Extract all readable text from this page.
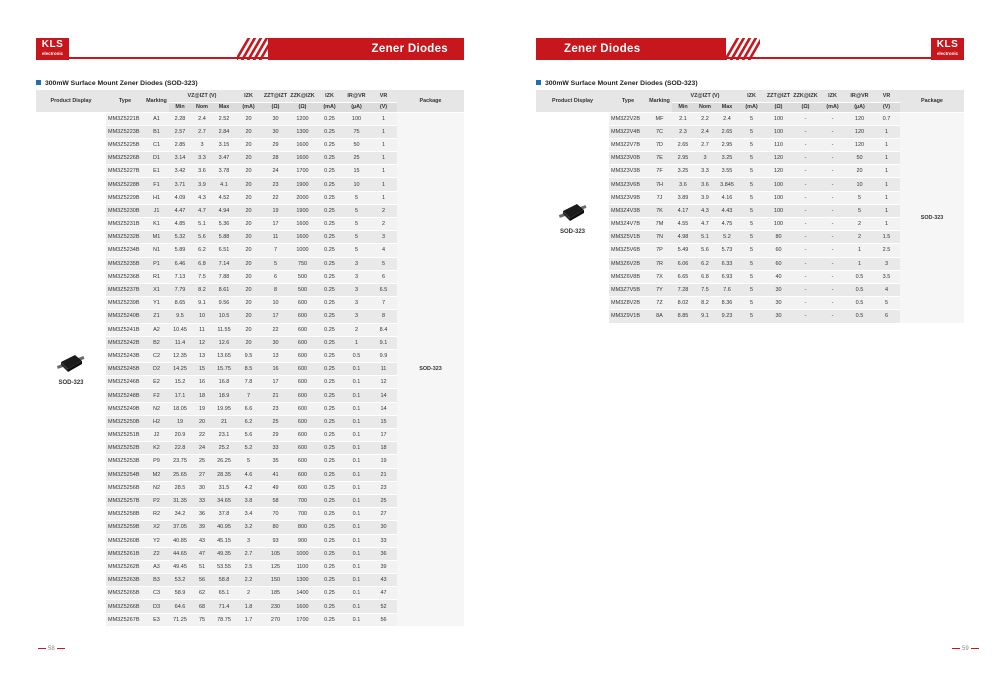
KLS
electronic	Zener Diodes
300mW Surface Mount Zener Diodes (SOD-323)
Product Display	Type	Marking	VZ@IZT (V)			IZK	ZZT@IZT	ZZK@IZK	IZK	IR@VR	VR	Package
			Min	Nom	Max	(mA)	(Ω)	(Ω)	(mA)	(µA)	(V)	

SOD-323	MM3Z5221B	A1	2.28	2.4	2.52	20	30	1200	0.25	100	1	SOD-323
	MM3Z5223B	B1	2.57	2.7	2.84	20	30	1300	0.25	75	1	
	MM3Z5225B	C1	2.85	3	3.15	20	29	1600	0.25	50	1	
	MM3Z5226B	D1	3.14	3.3	3.47	20	28	1600	0.25	25	1	
	MM3Z5227B	E1	3.42	3.6	3.78	20	24	1700	0.25	15	1	
	MM3Z5228B	F1	3.71	3.9	4.1	20	23	1900	0.25	10	1	
	MM3Z5229B	H1	4.09	4.3	4.52	20	22	2000	0.25	5	1	
	MM3Z5230B	J1	4.47	4.7	4.94	20	19	1900	0.25	5	2	
	MM3Z5231B	K1	4.85	5.1	5.36	20	17	1600	0.25	5	2	
	MM3Z5232B	M1	5.32	5.6	5.88	20	11	1600	0.25	5	3	
	MM3Z5234B	N1	5.89	6.2	6.51	20	7	1000	0.25	5	4	
	MM3Z5235B	P1	6.46	6.8	7.14	20	5	750	0.25	3	5	
	MM3Z5236B	R1	7.13	7.5	7.88	20	6	500	0.25	3	6	
	MM3Z5237B	X1	7.79	8.2	8.61	20	8	500	0.25	3	6.5	
	MM3Z5239B	Y1	8.65	9.1	9.56	20	10	600	0.25	3	7	
	MM3Z5240B	Z1	9.5	10	10.5	20	17	600	0.25	3	8	
	MM3Z5241B	A2	10.45	11	11.55	20	22	600	0.25	2	8.4	
	MM3Z5242B	B2	11.4	12	12.6	20	30	600	0.25	1	9.1	
	MM3Z5243B	C2	12.35	13	13.65	9.5	13	600	0.25	0.5	9.9	
	MM3Z5245B	D2	14.25	15	15.75	8.5	16	600	0.25	0.1	11	
	MM3Z5246B	E2	15.2	16	16.8	7.8	17	600	0.25	0.1	12	
	MM3Z5248B	F2	17.1	18	18.9	7	21	600	0.25	0.1	14	
	MM3Z5249B	N2	18.05	19	19.95	6.6	23	600	0.25	0.1	14	
	MM3Z5250B	H2	19	20	21	6.2	25	600	0.25	0.1	15	
	MM3Z5251B	J2	20.9	22	23.1	5.6	29	600	0.25	0.1	17	
	MM3Z5252B	K2	22.8	24	25.2	5.2	33	600	0.25	0.1	18	
	MM3Z5253B	P9	23.75	25	26.25	5	35	600	0.25	0.1	19	
	MM3Z5254B	M2	25.65	27	28.35	4.6	41	600	0.25	0.1	21	
	MM3Z5256B	N2	28.5	30	31.5	4.2	49	600	0.25	0.1	23	
	MM3Z5257B	P2	31.35	33	34.65	3.8	58	700	0.25	0.1	25	
	MM3Z5258B	R2	34.2	36	37.8	3.4	70	700	0.25	0.1	27	
	MM3Z5259B	X2	37.05	39	40.95	3.2	80	800	0.25	0.1	30	
	MM3Z5260B	Y2	40.85	43	45.15	3	93	900	0.25	0.1	33	
	MM3Z5261B	Z2	44.65	47	49.35	2.7	105	1000	0.25	0.1	36	
	MM3Z5262B	A3	49.45	51	53.55	2.5	125	1100	0.25	0.1	39	
	MM3Z5263B	B3	53.2	56	58.8	2.2	150	1300	0.25	0.1	43	
	MM3Z5265B	C3	58.9	62	65.1	2	185	1400	0.25	0.1	47	
	MM3Z5266B	D3	64.6	68	71.4	1.8	230	1600	0.25	0.1	52	
	MM3Z5267B	E3	71.25	75	78.75	1.7	270	1700	0.25	0.1	56	
58
Zener Diodes	KLS
electronic
300mW Surface Mount Zener Diodes (SOD-323)
Product Display	Type	Marking	VZ@IZT (V)			IZK	ZZT@IZT	ZZK@IZK	IZK	IR@VR	VR	Package
			Min	Nom	Max	(mA)	(Ω)	(Ω)	(mA)	(µA)	(V)	

SOD-323	MM3Z2V2B	MF	2.1	2.2	2.4	5	100	-	-	120	0.7	SOD-323
	MM3Z2V4B	7C	2.3	2.4	2.65	5	100	-	-	120	1	
	MM3Z2V7B	7D	2.65	2.7	2.95	5	110	-	-	120	1	
	MM3Z3V0B	7E	2.95	3	3.25	5	120	-	-	50	1	
	MM3Z3V3B	7F	3.25	3.3	3.55	5	120	-	-	20	1	
	MM3Z3V6B	7H	3.6	3.6	3.845	5	100	-	-	10	1	
	MM3Z3V9B	7J	3.89	3.9	4.16	5	100	-	-	5	1	
	MM3Z4V3B	7K	4.17	4.3	4.43	5	100	-	-	5	1	
	MM3Z4V7B	7M	4.55	4.7	4.75	5	100	-	-	2	1	
	MM3Z5V1B	7N	4.98	5.1	5.2	5	80	-	-	2	1.5	
	MM3Z5V6B	7P	5.49	5.6	5.73	5	60	-	-	1	2.5	
	MM3Z6V2B	7R	6.06	6.2	6.33	5	60	-	-	1	3	
	MM3Z6V8B	7X	6.65	6.8	6.93	5	40	-	-	0.5	3.5	
	MM3Z7V5B	7Y	7.28	7.5	7.6	5	30	-	-	0.5	4	
	MM3Z8V2B	7Z	8.02	8.2	8.36	5	30	-	-	0.5	5	
	MM3Z9V1B	8A	8.85	9.1	9.23	5	30	-	-	0.5	6	
59
